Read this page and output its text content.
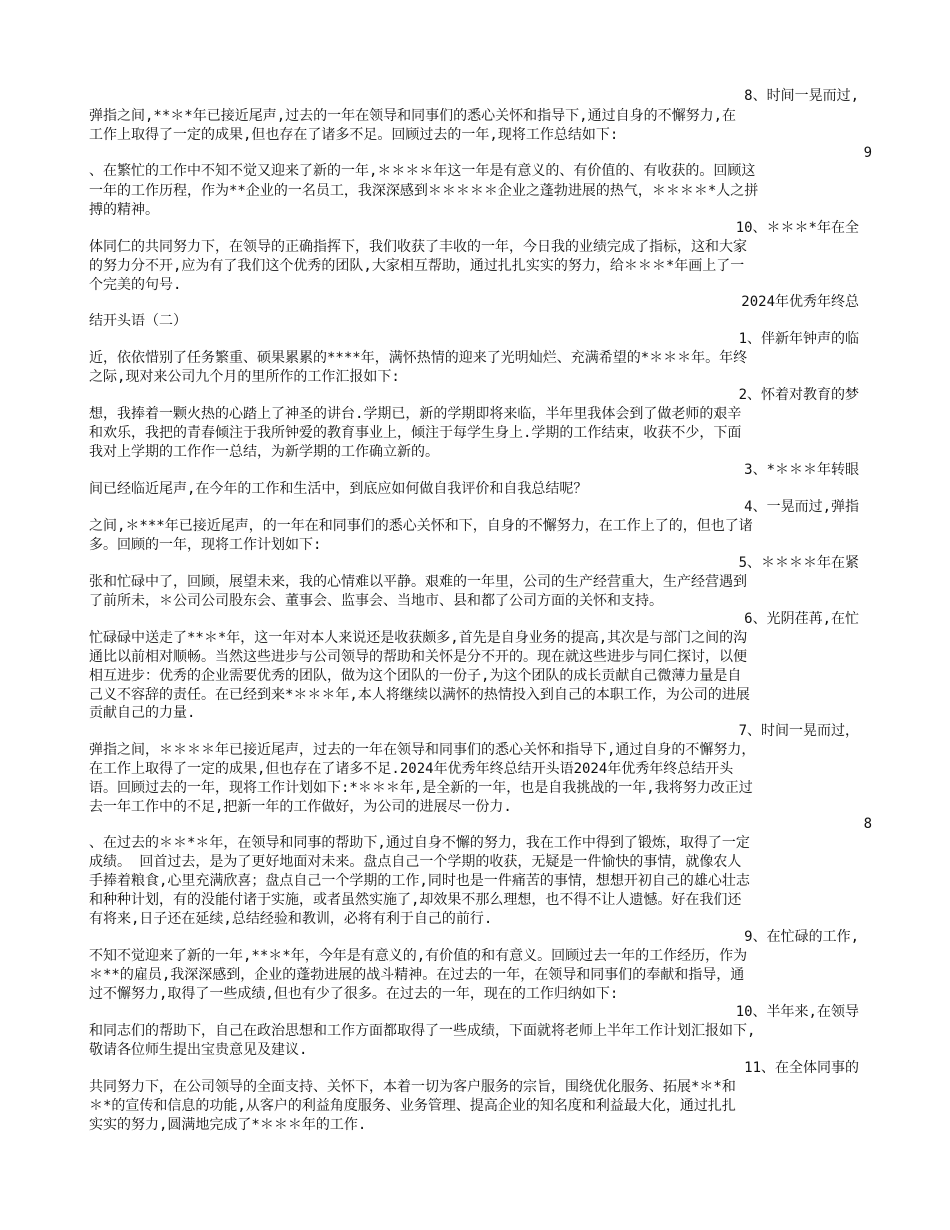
8、时间一晃而过,
弹指之间,**＊*年已接近尾声,过去的一年在领导和同事们的悉心关怀和指导下,通过自身的不懈努力,在
工作上取得了一定的成果,但也存在了诸多不足。回顾过去的一年,现将工作总结如下:
9
、在繁忙的工作中不知不觉又迎来了新的一年,＊＊＊＊年这一年是有意义的、有价值的、有收获的。回顾这
一年的工作历程，作为**企业的一名员工，我深深感到＊＊＊＊＊企业之蓬勃进展的热气，＊＊＊＊*人之拼
搏的精神。
10、＊＊＊*年在全
体同仁的共同努力下，在领导的正确指挥下，我们收获了丰收的一年，今日我的业绩完成了指标，这和大家
的努力分不开,应为有了我们这个优秀的团队,大家相互帮助，通过扎扎实实的努力，给＊＊＊*年画上了一
个完美的句号.
2024年优秀年终总
结开头语（二）
1、伴新年钟声的临
近，依依惜别了任务繁重、硕果累累的****年，满怀热情的迎来了光明灿烂、充满希望的*＊＊＊年。年终
之际,现对来公司九个月的里所作的工作汇报如下:
2、怀着对教育的梦
想，我捧着一颗火热的心踏上了神圣的讲台.学期已，新的学期即将来临，半年里我体会到了做老师的艰辛
和欢乐，我把的青春倾注于我所钟爱的教育事业上，倾注于每学生身上.学期的工作结束，收获不少，下面
我对上学期的工作作一总结，为新学期的工作确立新的。
3、*＊＊＊年转眼
间已经临近尾声,在今年的工作和生活中，到底应如何做自我评价和自我总结呢？
4、一晃而过,弹指
之间,＊***年已接近尾声，的一年在和同事们的悉心关怀和下，自身的不懈努力，在工作上了的，但也了诸
多。回顾的一年，现将工作计划如下:
5、＊＊＊＊年在紧
张和忙碌中了，回顾，展望未来，我的心情难以平静。艰难的一年里，公司的生产经营重大，生产经营遇到
了前所未，＊公司公司股东会、董事会、监事会、当地市、县和都了公司方面的关怀和支持。
6、光阴荏苒,在忙
忙碌碌中送走了**＊*年，这一年对本人来说还是收获颇多,首先是自身业务的提高,其次是与部门之间的沟
通比以前相对顺畅。当然这些进步与公司领导的帮助和关怀是分不开的。现在就这些进步与同仁探讨，以便
相互进步：优秀的企业需要优秀的团队，做为这个团队的一份子,为这个团队的成长贡献自己微薄力量是自
己义不容辞的责任。在已经到来*＊＊＊年,本人将继续以满怀的热情投入到自己的本职工作，为公司的进展
贡献自己的力量.
7、时间一晃而过，
弹指之间，＊＊＊＊年已接近尾声，过去的一年在领导和同事们的悉心关怀和指导下,通过自身的不懈努力，
在工作上取得了一定的成果,但也存在了诸多不足.2024年优秀年终总结开头语2024年优秀年终总结开头
语。回顾过去的一年，现将工作计划如下:*＊＊＊年,是全新的一年，也是自我挑战的一年,我将努力改正过
去一年工作中的不足,把新一年的工作做好，为公司的进展尽一份力.
8
、在过去的＊＊*＊年，在领导和同事的帮助下,通过自身不懈的努力，我在工作中得到了锻炼，取得了一定
成绩。 回首过去，是为了更好地面对未来。盘点自己一个学期的收获，无疑是一件愉快的事情，就像农人
手捧着粮食,心里充满欣喜；盘点自己一个学期的工作,同时也是一件痛苦的事情，想想开初自己的雄心壮志
和种种计划，有的没能付诸于实施，或者虽然实施了,却效果不那么理想，也不得不让人遗憾。好在我们还
有将来,日子还在延续,总结经验和教训，必将有利于自己的前行.
9、在忙碌的工作,
不知不觉迎来了新的一年,**＊*年，今年是有意义的,有价值的和有意义。回顾过去一年的工作经历，作为
＊**的雇员,我深深感到，企业的蓬勃进展的战斗精神。在过去的一年，在领导和同事们的奉献和指导，通
过不懈努力,取得了一些成绩,但也有少了很多。在过去的一年，现在的工作归纳如下:
10、半年来,在领导
和同志们的帮助下，自己在政治思想和工作方面都取得了一些成绩，下面就将老师上半年工作计划汇报如下,
敬请各位师生提出宝贵意见及建议.
11、在全体同事的
共同努力下，在公司领导的全面支持、关怀下，本着一切为客户服务的宗旨，围绕优化服务、拓展*＊*和
＊*的宣传和信息的功能,从客户的利益角度服务、业务管理、提高企业的知名度和利益最大化，通过扎扎
实实的努力,圆满地完成了*＊＊＊年的工作.
